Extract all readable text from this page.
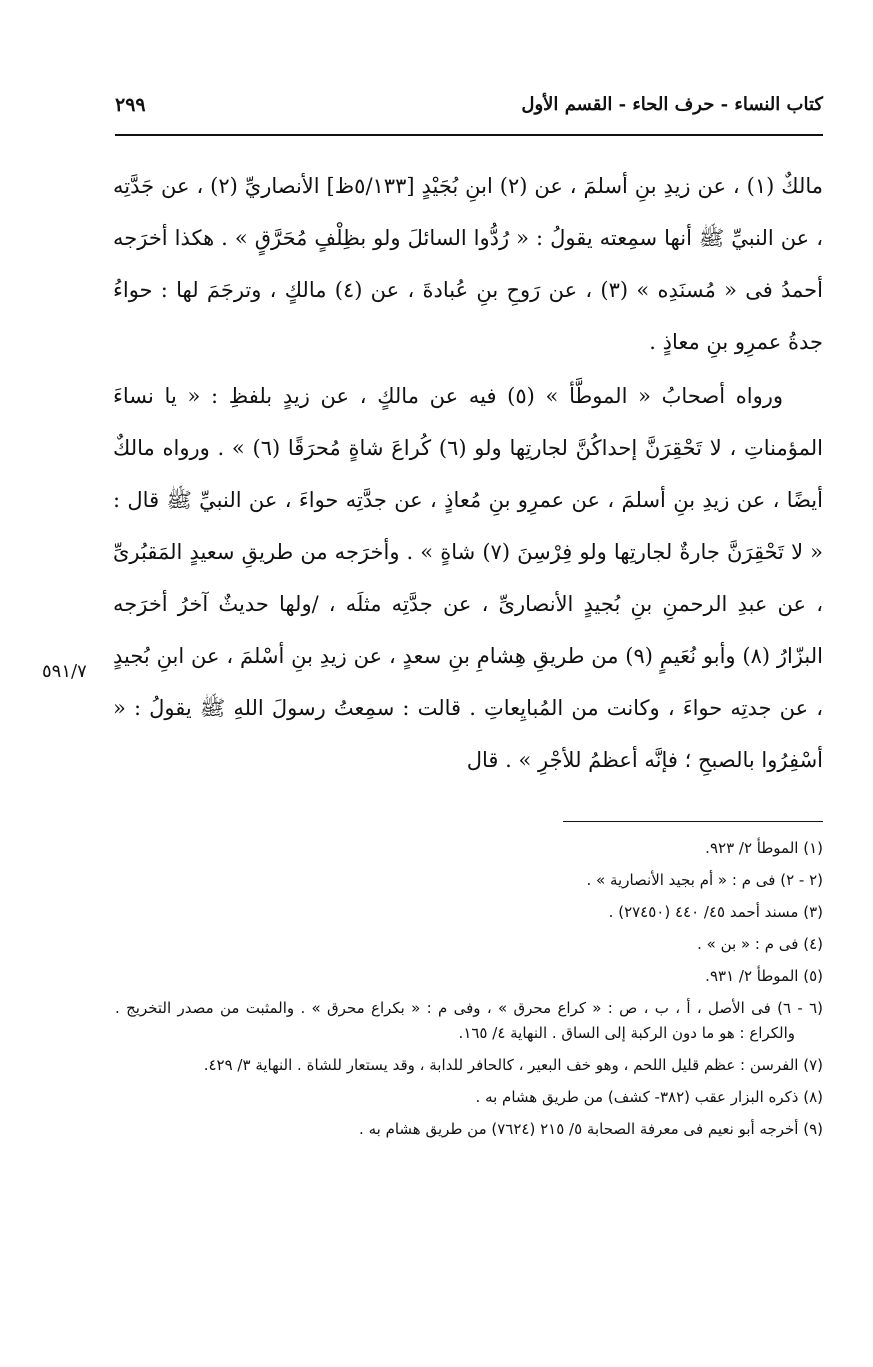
كتاب النساء - حرف الحاء - القسم الأول
٢٩٩

مالكٌ (١) ، عن زيدِ بنِ أسلمَ ، عن (٢) ابنِ بُجَيْدٍ [٥/١٣٣ظ] الأنصاريِّ (٢) ، عن جَدَّتِه ، عن النبيِّ ﷺ أنها سمِعته يقولُ : « رُدُّوا السائلَ ولو بظِلْفٍ مُحَرَّقٍ » . هكذا أخرَجه أحمدُ فى « مُسنَدِه » (٣) ، عن رَوحِ بنِ عُبادةَ ، عن (٤) مالكٍ ، وترجَمَ لها : حواءُ جدةُ عمرِو بنِ معاذٍ .

ورواه أصحابُ « الموطَّأ » (٥) فيه عن مالكٍ ، عن زيدٍ بلفظِ : « يا نساءَ المؤمناتِ ، لا تَحْقِرَنَّ إحداكُنَّ لجارتِها ولو (٦) كُراعَ شاةٍ مُحرَقًا (٦) » . ورواه مالكٌ أيضًا ، عن زيدِ بنِ أسلمَ ، عن عمرِو بنِ مُعاذٍ ، عن جدَّتِه حواءَ ، عن النبيِّ ﷺ قال : « لا تَحْقِرَنَّ جارةٌ لجارتِها ولو فِرْسِنَ (٧) شاةٍ » . وأخرَجه من طريقِ سعيدٍ المَقبُرىِّ ، عن عبدِ الرحمنِ بنِ بُجيدٍ الأنصارىِّ ، عن جدَّتِه مثلَه ، /ولها حديثٌ آخرُ أخرَجه البزّارُ (٨) وأبو نُعَيمٍ (٩) من طريقِ هِشامِ بنِ سعدٍ ، عن زيدِ بنِ أسْلمَ ، عن ابنِ بُجيدٍ ، عن جدتِه حواءَ ، وكانت من المُبايِعاتِ . قالت : سمِعتُ رسولَ اللهِ ﷺ يقولُ : « أسْفِرُوا بالصبحِ ؛ فإنَّه أعظمُ للأجْرِ » . قال

٥٩١/٧

(١) الموطأ ٢/ ٩٢٣.

(٢ - ٢) فى م : « أم بجيد الأنصارية » .

(٣) مسند أحمد ٤٥/ ٤٤٠ (٢٧٤٥٠) .

(٤) فى م : « بن » .

(٥) الموطأ ٢/ ٩٣١.

(٦ - ٦) فى الأصل ، أ ، ب ، ص : « كراع محرق » ، وفى م : « بكراع محرق » . والمثبت من مصدر التخريج . والكراع : هو ما دون الركبة إلى الساق . النهاية ٤/ ١٦٥.

(٧) الفرسن : عظم قليل اللحم ، وهو خف البعير ، كالحافر للدابة ، وقد يستعار للشاة . النهاية ٣/ ٤٢٩.

(٨) ذكره البزار عقب (٣٨٢- كشف) من طريق هشام به .

(٩) أخرجه أبو نعيم فى معرفة الصحابة ٥/ ٢١٥ (٧٦٢٤) من طريق هشام به .
